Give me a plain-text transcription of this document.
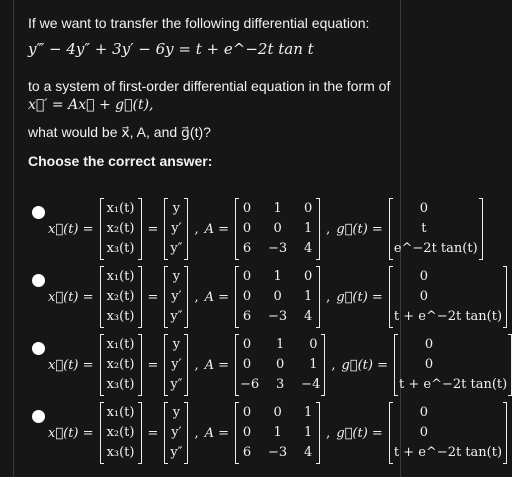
If we want to transfer the following differential equation:
y‴ − 4y″ + 3y′ − 6y = t + e^−2t tan t
to a system of first-order differential equation in the form of
x⃗′ = Ax⃗ + g⃗(t),
what would be x⃗, A, and g⃗(t)?
Choose the correct answer:
x⃗(t) =
x₁(t)
x₂(t)
x₃(t)
=
y
y′
y″
, A =
0 1 0
0 0 1
6 −3 4
, g⃗(t) =
0
t
e^−2t tan(t)
x⃗(t) =
x₁(t)
x₂(t)
x₃(t)
=
y
y′
y″
, A =
0 1 0
0 0 1
6 −3 4
, g⃗(t) =
0
0
t + e^−2t tan(t)
x⃗(t) =
x₁(t)
x₂(t)
x₃(t)
=
y
y′
y″
, A =
0 1 0
0 0 1
−6 3 −4
, g⃗(t) =
0
0
t + e^−2t tan(t)
x⃗(t) =
x₁(t)
x₂(t)
x₃(t)
=
y
y′
y″
, A =
0 0 1
0 1 1
6 −3 4
, g⃗(t) =
0
0
t + e^−2t tan(t)
